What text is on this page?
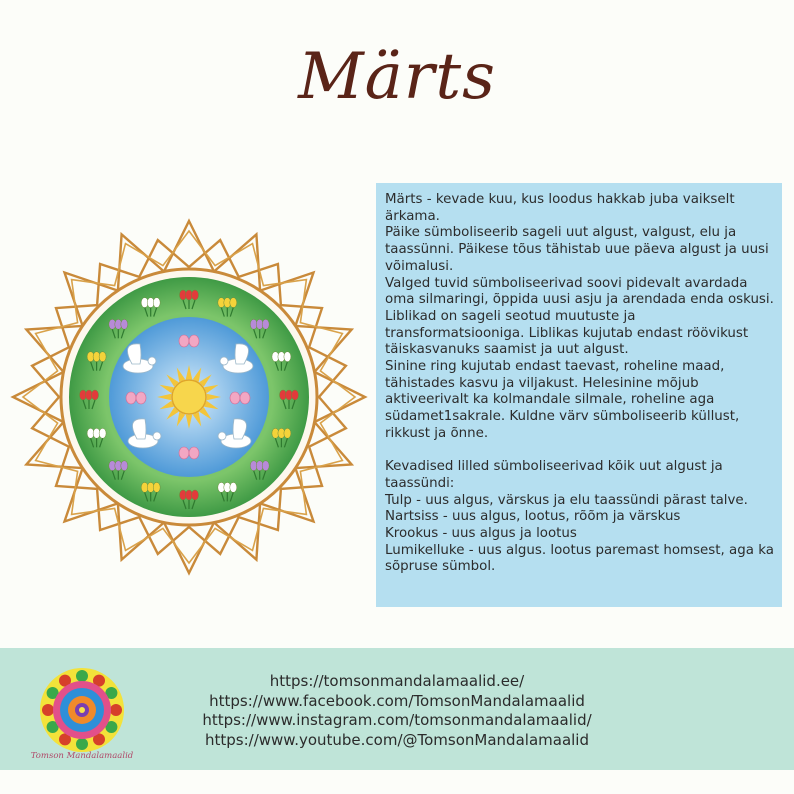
Märts

Märts - kevade kuu, kus loodus hakkab juba vaikselt ärkama.

Päike sümboliseerib sageli uut algust, valgust, elu ja taassünni. Päikese tõus tähistab uue päeva algust ja uusi võimalusi.

Valged tuvid sümboliseerivad soovi pidevalt avardada oma silmaringi, õppida uusi asju ja arendada enda oskusi.

Liblikad on sageli seotud muutuste ja transformatsiooniga. Liblikas kujutab endast röövikust täiskasvanuks saamist ja uut algust.

Sinine ring kujutab endast taevast, roheline maad, tähistades kasvu ja viljakust. Helesinine mõjub aktiveerivalt ka kolmandale silmale, roheline aga südamet1sakrale. Kuldne värv sümboliseerib küllust, rikkust ja õnne.

Kevadised lilled sümboliseerivad kõik uut algust ja taassündi:

Tulp - uus algus, värskus ja elu taassündi pärast talve.

Nartsiss - uus algus, lootus, rõõm ja värskus

Krookus - uus algus ja lootus

Lumikelluke - uus algus. lootus paremast homsest, aga ka sõpruse sümbol.

Tomson Mandalamaalid
https://tomsonmandalamaalid.ee/
https://www.facebook.com/TomsonMandalamaalid
https://www.instagram.com/tomsonmandalamaalid/
https://www.youtube.com/@TomsonMandalamaalid
